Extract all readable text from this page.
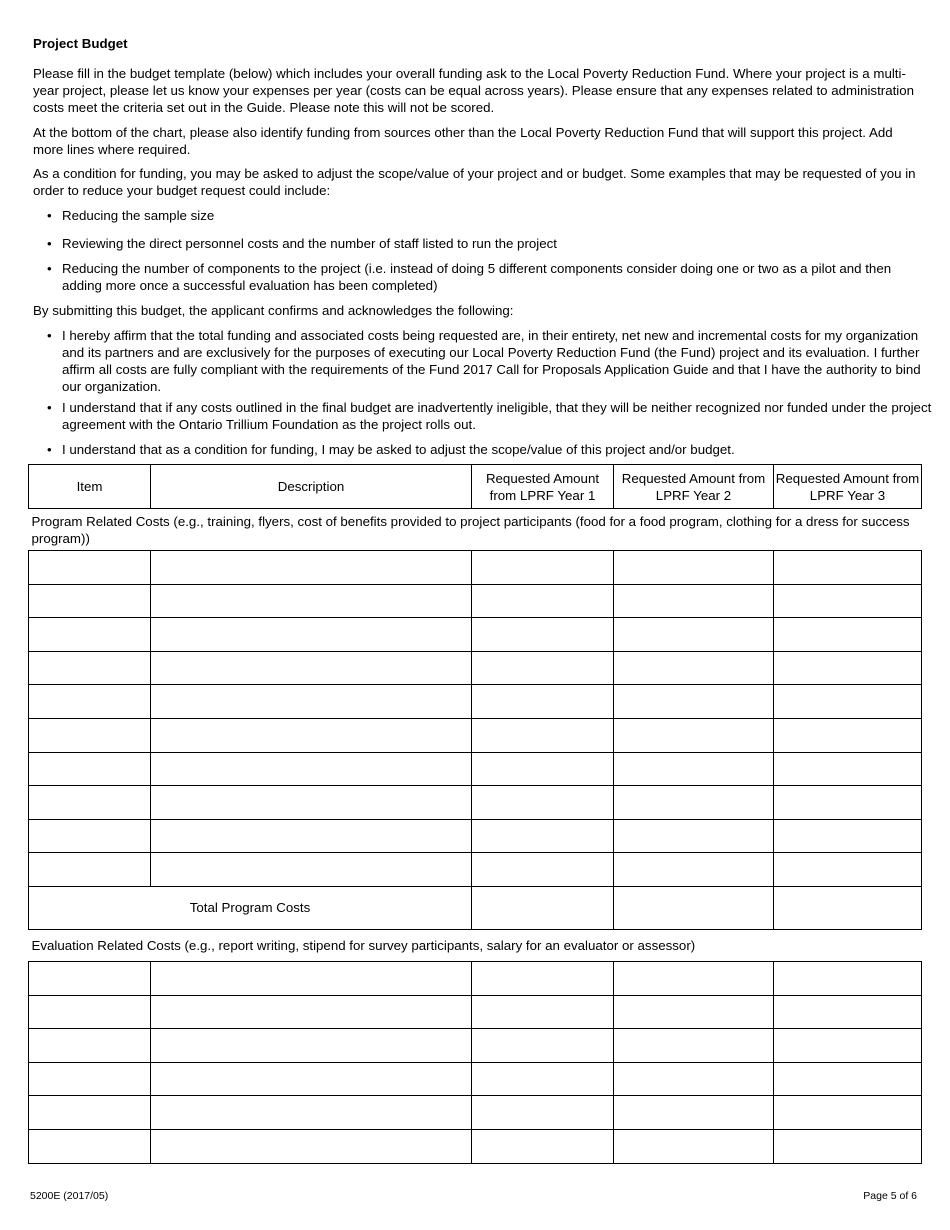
Project Budget

Please fill in the budget template (below) which includes your overall funding ask to the Local Poverty Reduction Fund. Where your project is a multi-year project, please let us know your expenses per year (costs can be equal across years). Please ensure that any expenses related to administration costs meet the criteria set out in the Guide. Please note this will not be scored.

At the bottom of the chart, please also identify funding from sources other than the Local Poverty Reduction Fund that will support this project. Add more lines where required.

As a condition for funding, you may be asked to adjust the scope/value of your project and or budget. Some examples that may be requested of you in order to reduce your budget request could include:

• Reducing the sample size
• Reviewing the direct personnel costs and the number of staff listed to run the project
• Reducing the number of components to the project (i.e. instead of doing 5 different components consider doing one or two as a pilot and then adding more once a successful evaluation has been completed)

By submitting this budget, the applicant confirms and acknowledges the following:

• I hereby affirm that the total funding and associated costs being requested are, in their entirety, net new and incremental costs for my organization and its partners and are exclusively for the purposes of executing our Local Poverty Reduction Fund (the Fund) project and its evaluation. I further affirm all costs are fully compliant with the requirements of the Fund 2017 Call for Proposals Application Guide and that I have the authority to bind our organization.
• I understand that if any costs outlined in the final budget are inadvertently ineligible, that they will be neither recognized nor funded under the project agreement with the Ontario Trillium Foundation as the project rolls out.
• I understand that as a condition for funding, I may be asked to adjust the scope/value of this project and/or budget.
Item	Description	Requested Amount from LPRF Year 1	Requested Amount from LPRF Year 2	Requested Amount from LPRF Year 3
Program Related Costs (e.g., training, flyers, cost of benefits provided to project participants (food for a food program, clothing for a dress for success program))				

Total Program Costs				
Evaluation Related Costs (e.g., report writing, stipend for survey participants, salary for an evaluator or assessor)				

5200E (2017/05)	Page 5 of 6
